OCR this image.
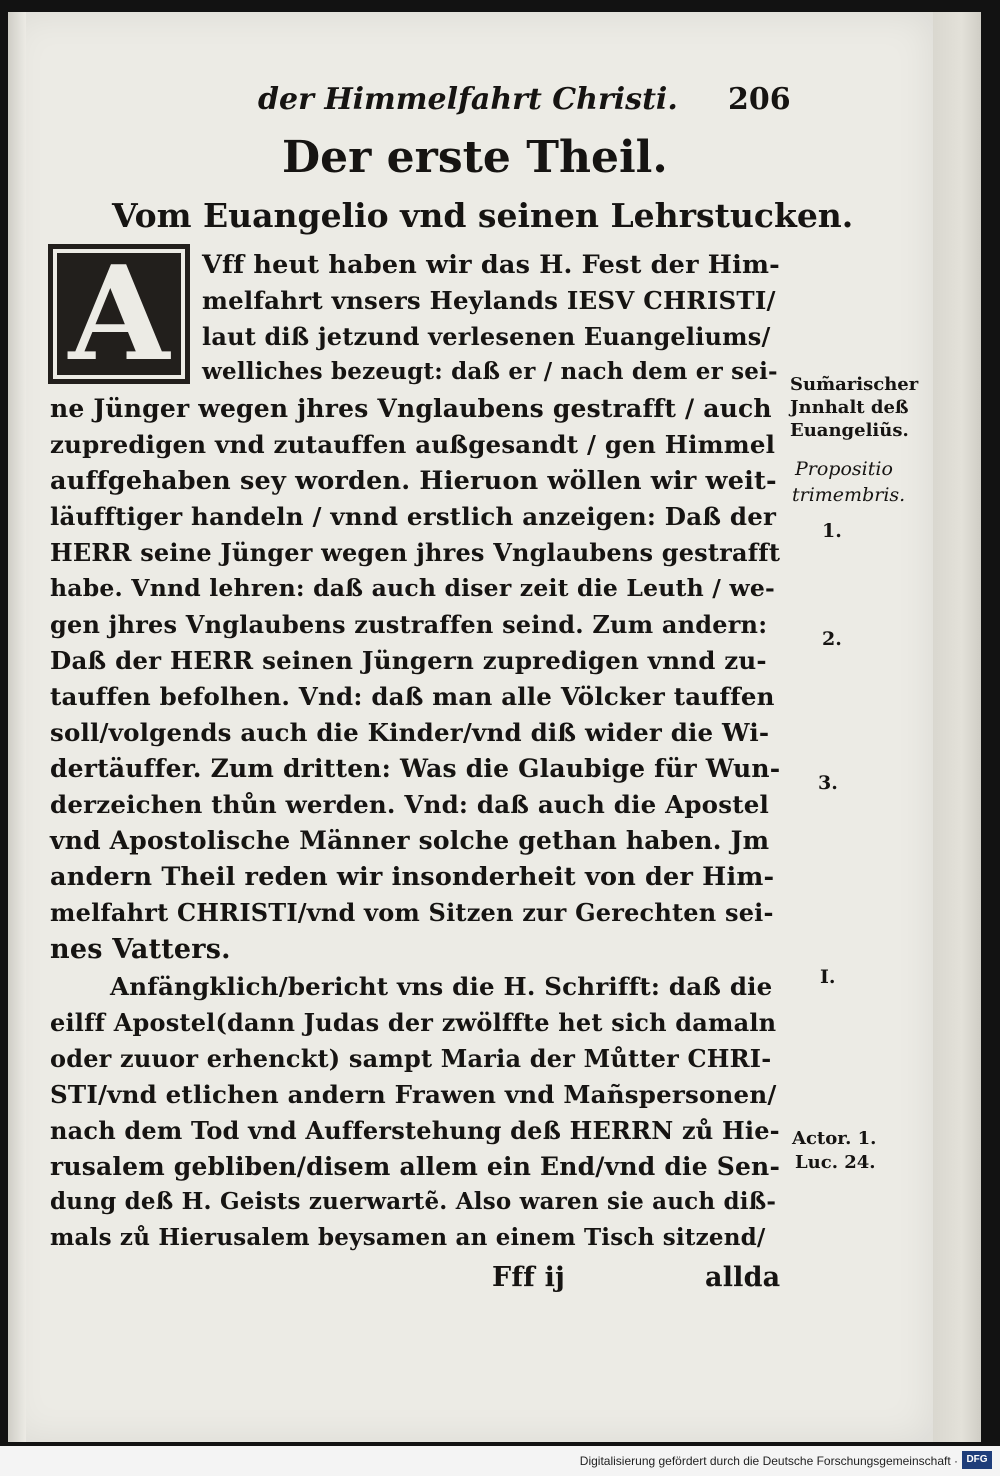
der Himmelfahrt Christi. 206
Der erste Theil.
Vom Euangelio vnd seinen Lehrstucken.
A	Vff heut haben wir das H. Fest der Him-
melfahrt vnsers Heylands IESV CHRISTI/
laut diß jetzund verlesenen Euangeliums/
welliches bezeugt: daß er / nach dem er sei-
ne Jünger wegen jhres Vnglaubens gestrafft / auch
zupredigen vnd zutauffen außgesandt / gen Himmel
auffgehaben sey worden. Hieruon wöllen wir weit-
läufftiger handeln / vnnd erstlich anzeigen: Daß der
HERR seine Jünger wegen jhres Vnglaubens gestrafft
habe. Vnnd lehren: daß auch diser zeit die Leuth / we-
gen jhres Vnglaubens zustraffen seind. Zum andern:
Daß der HERR seinen Jüngern zupredigen vnnd zu-
tauffen befolhen. Vnd: daß man alle Völcker tauffen
soll/volgends auch die Kinder/vnd diß wider die Wi-
dertäuffer. Zum dritten: Was die Glaubige für Wun-
derzeichen thůn werden. Vnd: daß auch die Apostel
vnd Apostolische Männer solche gethan haben. Jm
andern Theil reden wir insonderheit von der Him-
melfahrt CHRISTI/vnd vom Sitzen zur Gerechten sei-
nes Vatters.
Anfängklich/bericht vns die H. Schrifft: daß die
eilff Apostel(dann Judas der zwölffte het sich damaln
oder zuuor erhenckt) sampt Maria der Můtter CHRI-
STI/vnd etlichen andern Frawen vnd Mañspersonen/
nach dem Tod vnd Aufferstehung deß HERRN zů Hie-
rusalem gebliben/disem allem ein End/vnd die Sen-
dung deß H. Geists zuerwartẽ. Also waren sie auch diß-
mals zů Hierusalem beysamen an einem Tisch sitzend/
Fff ij	allda
Sum̃arischer
Jnnhalt deß
Euangeliũs.
Propositio
trimembris.
1.
2.
3.
I.
Actor. 1.
Luc. 24.
Digitalisierung gefördert durch die Deutsche Forschungsgemeinschaft · DFG
